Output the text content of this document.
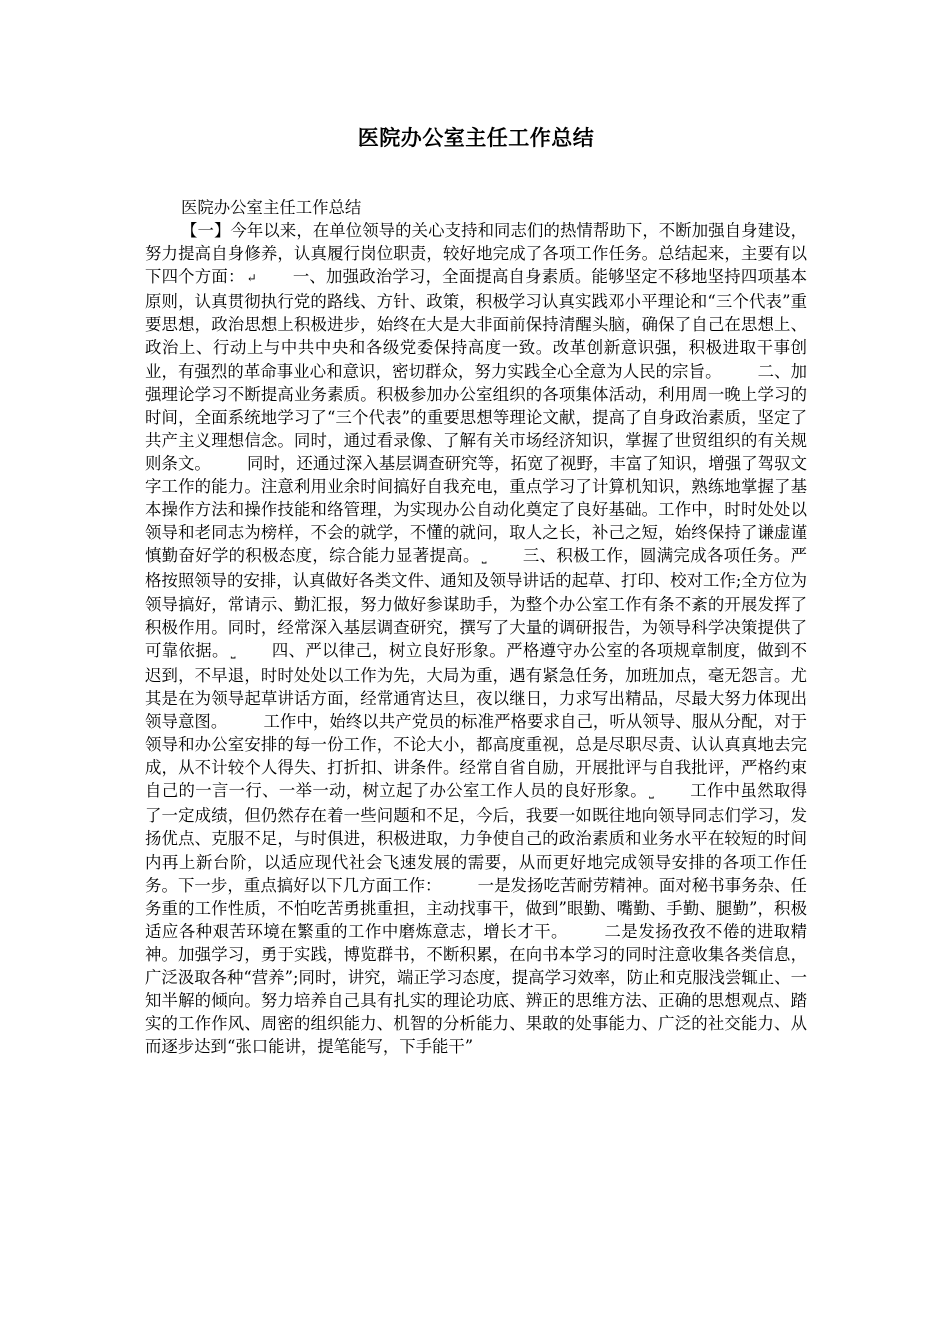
医院办公室主任工作总结
医院办公室主任工作总结

【一】今年以来，在单位领导的关心支持和同志们的热情帮助下，不断加强自身建设，努力提高自身修养，认真履行岗位职责，较好地完成了各项工作任务。总结起来，主要有以下四个方面： ↵ 一、加强政治学习，全面提高自身素质。能够坚定不移地坚持四项基本原则，认真贯彻执行党的路线、方针、政策，积极学习认真实践邓小平理论和“三个代表”重要思想，政治思想上积极进步，始终在大是大非面前保持清醒头脑，确保了自己在思想上、政治上、行动上与中共中央和各级党委保持高度一致。改革创新意识强，积极进取干事创业，有强烈的革命事业心和意识，密切群众，努力实践全心全意为人民的宗旨。 二、加强理论学习不断提高业务素质。积极参加办公室组织的各项集体活动，利用周一晚上学习的时间，全面系统地学习了“三个代表”的重要思想等理论文献，提高了自身政治素质，坚定了共产主义理想信念。同时，通过看录像、了解有关市场经济知识，掌握了世贸组织的有关规则条文。 同时，还通过深入基层调查研究等，拓宽了视野，丰富了知识，增强了驾驭文字工作的能力。注意利用业余时间搞好自我充电，重点学习了计算机知识，熟练地掌握了基本操作方法和操作技能和络管理，为实现办公自动化奠定了良好基础。工作中，时时处处以领导和老同志为榜样，不会的就学，不懂的就问，取人之长，补己之短，始终保持了谦虚谨慎勤奋好学的积极态度，综合能力显著提高。 ⎵ 三、积极工作，圆满完成各项任务。严格按照领导的安排，认真做好各类文件、通知及领导讲话的起草、打印、校对工作;全方位为领导搞好，常请示、勤汇报，努力做好参谋助手，为整个办公室工作有条不紊的开展发挥了积极作用。同时，经常深入基层调查研究，撰写了大量的调研报告，为领导科学决策提供了可靠依据。 ⎵ 四、严以律己，树立良好形象。严格遵守办公室的各项规章制度，做到不迟到，不早退，时时处处以工作为先，大局为重，遇有紧急任务，加班加点，毫无怨言。尤其是在为领导起草讲话方面，经常通宵达旦，夜以继日，力求写出精品，尽最大努力体现出领导意图。 工作中，始终以共产党员的标准严格要求自己，听从领导、服从分配，对于领导和办公室安排的每一份工作，不论大小，都高度重视，总是尽职尽责、认认真真地去完成，从不计较个人得失、打折扣、讲条件。经常自省自励，开展批评与自我批评，严格约束自己的一言一行、一举一动，树立起了办公室工作人员的良好形象。 ⎵ 工作中虽然取得了一定成绩，但仍然存在着一些问题和不足，今后，我要一如既往地向领导同志们学习，发扬优点、克服不足，与时俱进，积极进取，力争使自己的政治素质和业务水平在较短的时间内再上新台阶，以适应现代社会飞速发展的需要，从而更好地完成领导安排的各项工作任务。下一步，重点搞好以下几方面工作： 一是发扬吃苦耐劳精神。面对秘书事务杂、任务重的工作性质，不怕吃苦勇挑重担，主动找事干，做到”眼勤、嘴勤、手勤、腿勤”，积极适应各种艰苦环境在繁重的工作中磨炼意志，增长才干。 二是发扬孜孜不倦的进取精神。加强学习，勇于实践，博览群书，不断积累，在向书本学习的同时注意收集各类信息，广泛汲取各种“营养”;同时，讲究，端正学习态度，提高学习效率，防止和克服浅尝辄止、一知半解的倾向。努力培养自己具有扎实的理论功底、辨正的思维方法、正确的思想观点、踏实的工作作风、周密的组织能力、机智的分析能力、果敢的处事能力、广泛的社交能力、从而逐步达到“张口能讲，提笔能写，下手能干”
